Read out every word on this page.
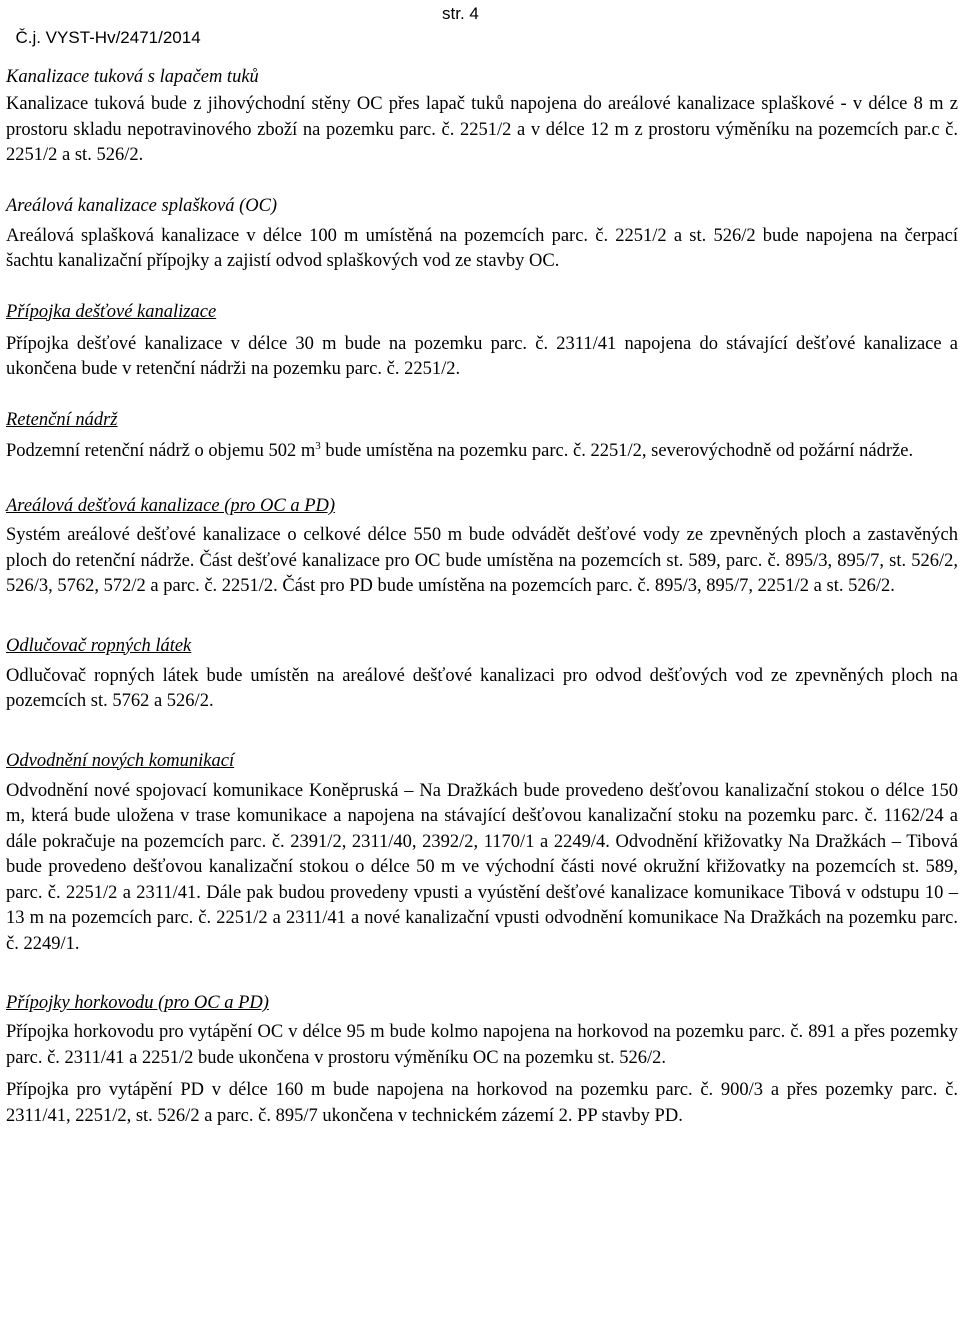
Č.j. VYST-Hv/2471/2014

str. 4

Kanalizace tuková s lapačem tuků

Kanalizace tuková bude z jihovýchodní stěny OC přes lapač tuků napojena do areálové kanalizace splaškové - v délce 8 m z prostoru skladu nepotravinového zboží na pozemku parc. č. 2251/2 a v délce 12 m z prostoru výměníku na pozemcích par.c č. 2251/2 a st. 526/2.

Areálová kanalizace splašková (OC)

Areálová splašková kanalizace v délce 100 m umístěná na pozemcích parc. č. 2251/2 a st. 526/2 bude napojena na čerpací šachtu kanalizační přípojky a zajistí odvod splaškových vod ze stavby OC.

Přípojka dešťové kanalizace

Přípojka dešťové kanalizace v délce 30 m bude na pozemku parc. č. 2311/41 napojena do stávající dešťové kanalizace a ukončena bude v retenční nádrži na pozemku parc. č. 2251/2.

Retenční nádrž

Podzemní retenční nádrž o objemu 502 $m^3$ bude umístěna na pozemku parc. č. 2251/2, severovýchodně od požární nádrže.

Areálová dešťová kanalizace (pro OC a PD)

Systém areálové dešťové kanalizace o celkové délce 550 m bude odvádět dešťové vody ze zpevněných ploch a zastavěných ploch do retenční nádrže. Část dešťové kanalizace pro OC bude umístěna na pozemcích st. 589, parc. č. 895/3, 895/7, st. 526/2, 526/3, 5762, 572/2 a parc. č. 2251/2. Část pro PD bude umístěna na pozemcích parc. č. 895/3, 895/7, 2251/2 a st. 526/2.

Odlučovač ropných látek

Odlučovač ropných látek bude umístěn na areálové dešťové kanalizaci pro odvod dešťových vod ze zpevněných ploch na pozemcích st. 5762 a 526/2.

Odvodnění nových komunikací

Odvodnění nové spojovací komunikace Koněpruská – Na Dražkách bude provedeno dešťovou kanalizační stokou o délce 150 m, která bude uložena v trase komunikace a napojena na stávající dešťovou kanalizační stoku na pozemku parc. č. 1162/24 a dále pokračuje na pozemcích parc. č. 2391/2, 2311/40, 2392/2, 1170/1 a 2249/4. Odvodnění křižovatky Na Dražkách – Tibová bude provedeno dešťovou kanalizační stokou o délce 50 m ve východní části nové okružní křižovatky na pozemcích st. 589, parc. č. 2251/2 a 2311/41. Dále pak budou provedeny vpusti a vyústění dešťové kanalizace komunikace Tibová v odstupu 10 – 13 m na pozemcích parc. č. 2251/2 a 2311/41 a nové kanalizační vpusti odvodnění komunikace Na Dražkách na pozemku parc. č. 2249/1.

Přípojky horkovodu (pro OC a PD)

Přípojka horkovodu pro vytápění OC v délce 95 m bude kolmo napojena na horkovod na pozemku parc. č. 891 a přes pozemky parc. č. 2311/41 a 2251/2 bude ukončena v prostoru výměníku OC na pozemku st. 526/2.

Přípojka pro vytápění PD v délce 160 m bude napojena na horkovod na pozemku parc. č. 900/3 a přes pozemky parc. č. 2311/41, 2251/2, st. 526/2 a parc. č. 895/7 ukončena v technickém zázemí 2. PP stavby PD.
